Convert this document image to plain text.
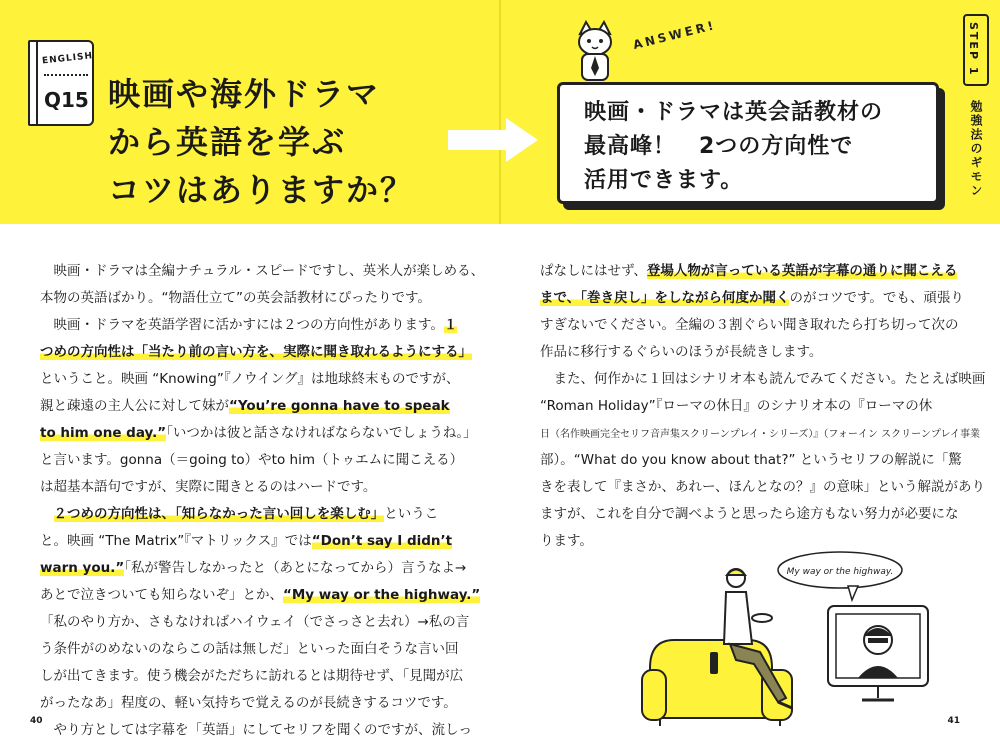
ENGLISH
Q15 映画や海外ドラマ
から英語を学ぶ
コツはありますか？
ANSWER!
映画・ドラマは英会話教材の
最高峰！　2つの方向性で
活用できます。
STEP 1
勉強法のギモン
　映画・ドラマは全編ナチュラル・スピードですし、英米人が楽しめる、
本物の英語ばかり。“物語仕立て”の英会話教材にぴったりです。
　映画・ドラマを英語学習に活かすには２つの方向性があります。１
つめの方向性は「当たり前の言い方を、実際に聞き取れるようにする」
ということ。映画 “Knowing”『ノウイング』は地球終末ものですが、
親と疎遠の主人公に対して妹が“You’re gonna have to speak
to him one day.”「いつかは彼と話さなければならないでしょうね。」
と言います。gonna（＝going to）やto him（トゥエムに聞こえる）
は超基本語句ですが、実際に聞きとるのはハードです。
　２つめの方向性は、「知らなかった言い回しを楽しむ」というこ
と。映画 “The Matrix”『マトリックス』では“Don’t say I didn’t
warn you.”「私が警告しなかったと（あとになってから）言うなよ→
あとで泣きついても知らないぞ」とか、“My way or the highway.”
「私のやり方か、さもなければハイウェイ（でさっさと去れ）→私の言
う条件がのめないのならこの話は無しだ」といった面白そうな言い回
しが出てきます。使う機会がただちに訪れるとは期待せず、「見聞が広
がったなあ」程度の、軽い気持ちで覚えるのが長続きするコツです。
　やり方としては字幕を「英語」にしてセリフを聞くのですが、流しっ
ぱなしにはせず、登場人物が言っている英語が字幕の通りに聞こえる
まで、「巻き戻し」をしながら何度か聞くのがコツです。でも、頑張り
すぎないでください。全編の３割ぐらい聞き取れたら打ち切って次の
作品に移行するぐらいのほうが長続きします。
　また、何作かに１回はシナリオ本も読んでみてください。たとえば映画
“Roman Holiday”『ローマの休日』のシナリオ本の『ローマの休
日（名作映画完全セリフ音声集スクリーンプレイ・シリーズ）』（フォーイン スクリーンプレイ事業
部）。“What do you know about that?” というセリフの解説に「驚
きを表して『まさか、あれー、ほんとなの？』の意味」という解説があり
ますが、これを自分で調べようと思ったら途方もない努力が必要にな
ります。
My way or the highway.
40	41
